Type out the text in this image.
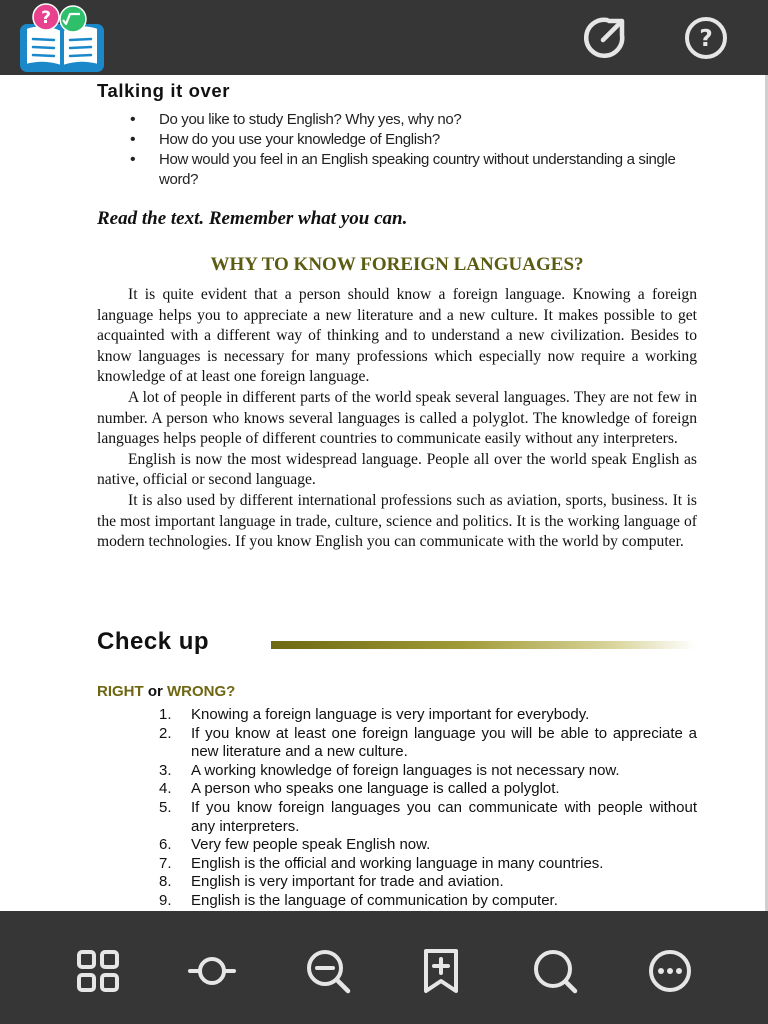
?
?
Talking it over
• Do you like to study English? Why yes, why no?
• How do you use your knowledge of English?
• How would you feel in an English speaking country without understanding a single word?
Read the text. Remember what you can.
WHY TO KNOW FOREIGN LANGUAGES?

It is quite evident that a person should know a foreign language. Knowing a foreign language helps you to appreciate a new literature and a new culture. It makes possible to get acquainted with a different way of thinking and to understand a new civilization. Besides to know languages is necessary for many professions which especially now require a working knowledge of at least one foreign language.

A lot of people in different parts of the world speak several languages. They are not few in number. A person who knows several languages is called a polyglot. The knowledge of foreign languages helps people of different countries to communicate easily without any interpreters.

English is now the most widespread language. People all over the world speak English as native, official or second language.

It is also used by different international professions such as aviation, sports, business. It is the most important language in trade, culture, science and politics. It is the working language of modern technologies. If you know English you can communicate with the world by computer.

Check up
RIGHT or WRONG?
1. Knowing a foreign language is very important for everybody.
2. If you know at least one foreign language you will be able to appreciate a new literature and a new culture.
3. A working knowledge of foreign languages is not necessary now.
4. A person who speaks one language is called a polyglot.
5. If you know foreign languages you can communicate with people without any interpreters.
6. Very few people speak English now.
7. English is the official and working language in many countries.
8. English is very important for trade and aviation.
9. English is the language of communication by computer.
